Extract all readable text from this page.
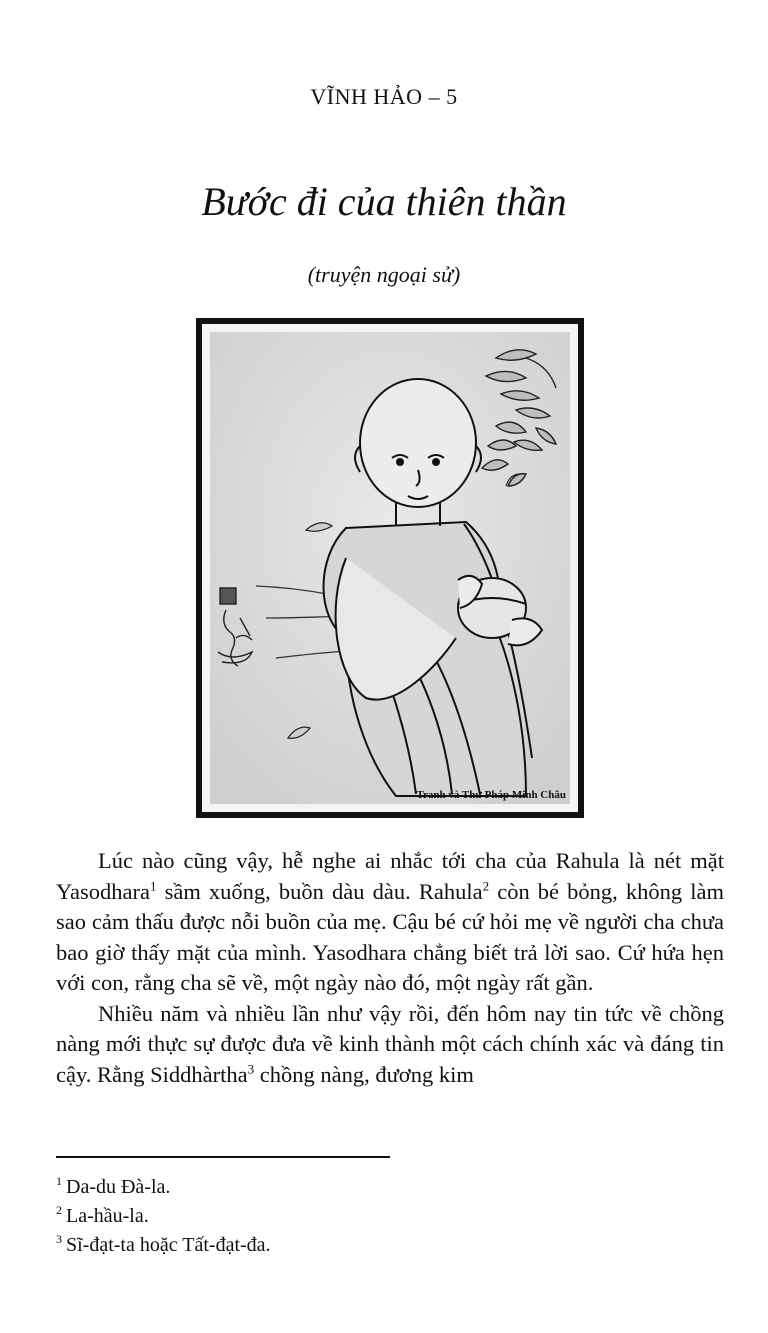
VĨNH HẢO – 5
Bước đi của thiên thần
(truyện ngoại sử)
Tranh và Thư Pháp Minh Châu

Lúc nào cũng vậy, hễ nghe ai nhắc tới cha của Rahula là nét mặt Yasodhara$^1$ sầm xuống, buồn dàu dàu. Rahula$^2$ còn bé bỏng, không làm sao cảm thấu được nỗi buồn của mẹ. Cậu bé cứ hỏi mẹ về người cha chưa bao giờ thấy mặt của mình. Yasodhara chẳng biết trả lời sao. Cứ hứa hẹn với con, rằng cha sẽ về, một ngày nào đó, một ngày rất gần.

Nhiều năm và nhiều lần như vậy rồi, đến hôm nay tin tức về chồng nàng mới thực sự được đưa về kinh thành một cách chính xác và đáng tin cậy. Rằng Siddhàrtha$^3$ chồng nàng, đương kim

$^1$ Da-du Đà-la.
$^2$ La-hầu-la.
$^3$ Sĩ-đạt-ta hoặc Tất-đạt-đa.
